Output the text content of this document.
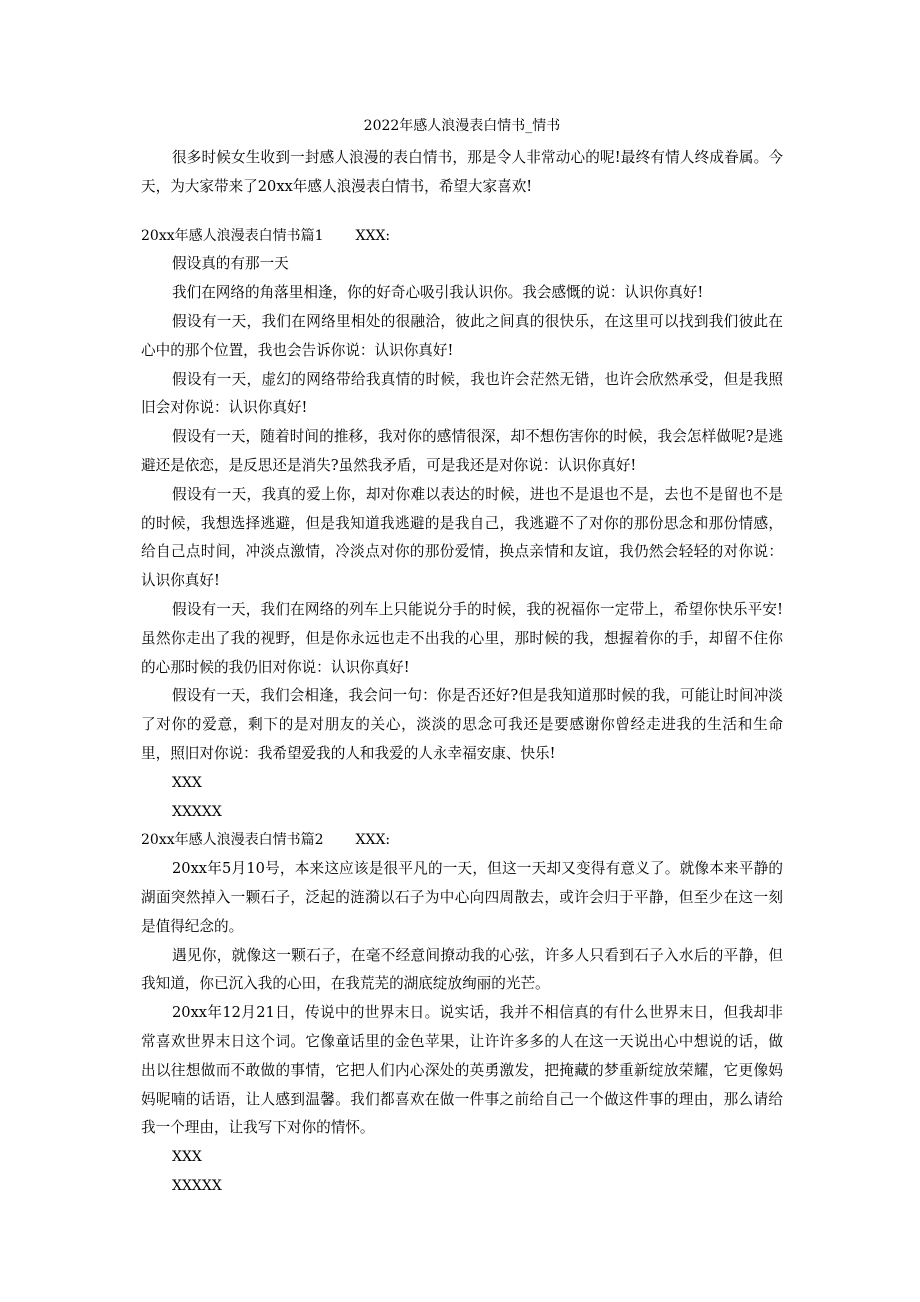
2022年感人浪漫表白情书_情书

很多时候女生收到一封感人浪漫的表白情书，那是令人非常动心的呢!最终有情人终成眷属。今天，为大家带来了20xx年感人浪漫表白情书，希望大家喜欢!

20xx年感人浪漫表白情书篇1 XXX:

假设真的有那一天

我们在网络的角落里相逢，你的好奇心吸引我认识你。我会感慨的说：认识你真好!

假设有一天，我们在网络里相处的很融洽，彼此之间真的很快乐，在这里可以找到我们彼此在心中的那个位置，我也会告诉你说：认识你真好!

假设有一天，虚幻的网络带给我真情的时候，我也许会茫然无错，也许会欣然承受，但是我照旧会对你说：认识你真好!

假设有一天，随着时间的推移，我对你的感情很深，却不想伤害你的时候，我会怎样做呢?是逃避还是依恋，是反思还是消失?虽然我矛盾，可是我还是对你说：认识你真好!

假设有一天，我真的爱上你，却对你难以表达的时候，进也不是退也不是，去也不是留也不是的时候，我想选择逃避，但是我知道我逃避的是我自己，我逃避不了对你的那份思念和那份情感，给自己点时间，冲淡点激情，冷淡点对你的那份爱情，换点亲情和友谊，我仍然会轻轻的对你说：认识你真好!

假设有一天，我们在网络的列车上只能说分手的时候，我的祝福你一定带上，希望你快乐平安!虽然你走出了我的视野，但是你永远也走不出我的心里，那时候的我，想握着你的手，却留不住你的心那时候的我仍旧对你说：认识你真好!

假设有一天，我们会相逢，我会问一句：你是否还好?但是我知道那时候的我，可能让时间冲淡了对你的爱意，剩下的是对朋友的关心，淡淡的思念可我还是要感谢你曾经走进我的生活和生命里，照旧对你说：我希望爱我的人和我爱的人永幸福安康、快乐!

XXX

XXXXX

20xx年感人浪漫表白情书篇2 XXX:

20xx年5月10号，本来这应该是很平凡的一天，但这一天却又变得有意义了。就像本来平静的湖面突然掉入一颗石子，泛起的涟漪以石子为中心向四周散去，或许会归于平静，但至少在这一刻是值得纪念的。

遇见你，就像这一颗石子，在毫不经意间撩动我的心弦，许多人只看到石子入水后的平静，但我知道，你已沉入我的心田，在我荒芜的湖底绽放绚丽的光芒。

20xx年12月21日，传说中的世界末日。说实话，我并不相信真的有什么世界末日，但我却非常喜欢世界末日这个词。它像童话里的金色苹果，让许许多多的人在这一天说出心中想说的话，做出以往想做而不敢做的事情，它把人们内心深处的英勇激发，把掩藏的梦重新绽放荣耀，它更像妈妈呢喃的话语，让人感到温馨。我们都喜欢在做一件事之前给自己一个做这件事的理由，那么请给我一个理由，让我写下对你的情怀。

XXX

XXXXX
